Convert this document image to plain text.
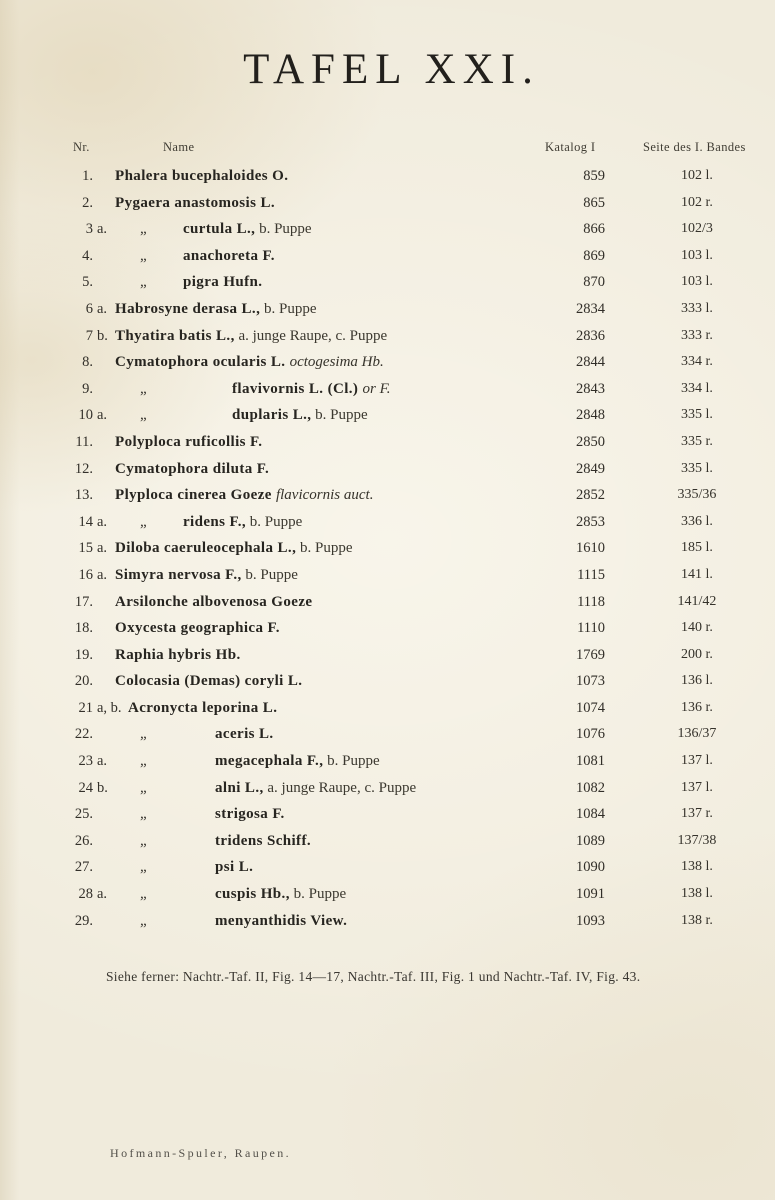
TAFEL XXI.
Nr.	Name	Katalog I	Seite des I. Bandes
1. Phalera bucephaloides O.	859	102 l.
2. Pygaera anastomosis L.	865	102 r.
3 a. „	curtula L., b. Puppe	866	102/3
4.	„	anachoreta F.	869	103 l.
5.	„	pigra Hufn.	870	103 l.
6 a. Habrosyne derasa L., b. Puppe	2834	333 l.
7 b. Thyatira batis L., a. junge Raupe, c. Puppe	2836	333 r.
8. Cymatophora ocularis L. octogesima Hb.	2844	334 r.
9.	„	flavivornis L. (Cl.) or F.	2843	334 l.
10 a. „	duplaris L., b. Puppe	2848	335 l.
11. Polyploca ruficollis F.	2850	335 r.
12. Cymatophora diluta F.	2849	335 l.
13. Plyploca cinerea Goeze flavicornis auct.	2852	335/36
14 a. „	ridens F., b. Puppe	2853	336 l.
15 a. Diloba caeruleocephala L., b. Puppe	1610	185 l.
16 a. Simyra nervosa F., b. Puppe	1115	141 l.
17. Arsilonche albovenosa Goeze	1118	141/42
18. Oxycesta geographica F.	1110	140 r.
19. Raphia hybris Hb.	1769	200 r.
20. Colocasia (Demas) coryli L.	1073	136 l.
21 a, b. Acronycta leporina L.	1074	136 r.
22.	„	aceris L.	1076	136/37
23 a. „	megacephala F., b. Puppe	1081	137 l.
24 b. „	alni L., a. junge Raupe, c. Puppe	1082	137 l.
25.	„	strigosa F.	1084	137 r.
26.	„	tridens Schiff.	1089	137/38
27.	„	psi L.	1090	138 l.
28 a. „	cuspis Hb., b. Puppe	1091	138 l.
29.	„	menyanthidis View.	1093	138 r.
Siehe ferner: Nachtr.-Taf. II, Fig. 14—17, Nachtr.-Taf. III, Fig. 1 und Nachtr.-Taf. IV, Fig. 43.
Hofmann-Spuler, Raupen.
